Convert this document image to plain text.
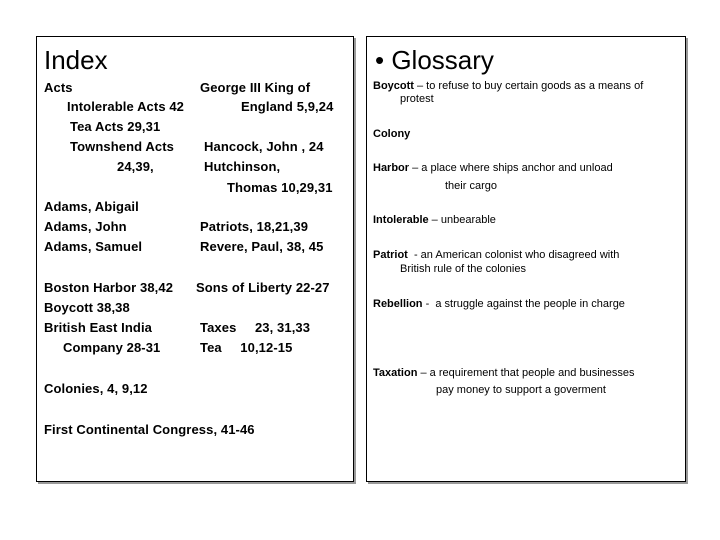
Index
Acts
Intolerable Acts 42
Tea Acts 29,31
Townshend Acts
24,39,
Adams, Abigail
Adams, John
Adams, Samuel
Boston Harbor 38,42
Boycott 38,38
British East India
Company 28-31
Colonies, 4, 9,12
First Continental Congress, 41-46
George III King of
England 5,9,24
Hancock, John , 24
Hutchinson,
Thomas 10,29,31
Patriots, 18,21,39
Revere, Paul, 38, 45
Sons of Liberty 22-27
Taxes     23, 31,33
Tea     10,12-15
• Glossary
Boycott – to refuse to buy certain goods as a means of
protest
Colony
Harbor – a place where ships anchor and unload
their cargo
Intolerable – unbearable
Patriot  - an American colonist who disagreed with
British rule of the colonies
Rebellion -  a struggle against the people in charge
Taxation – a requirement that people and businesses
pay money to support a goverment
